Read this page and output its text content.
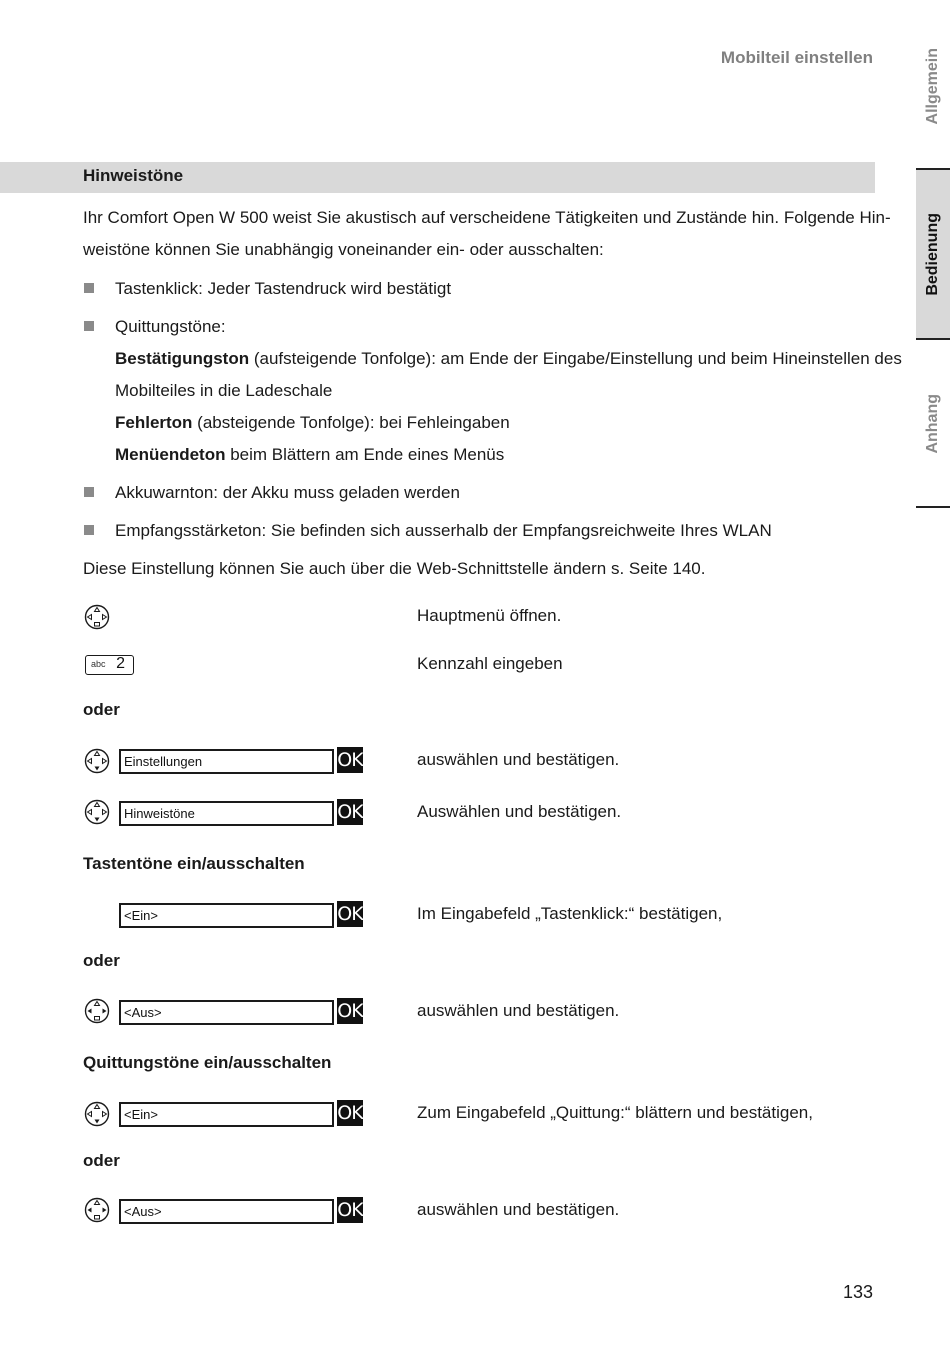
Mobilteil einstellen	Allgemein
Bedienung
Anhang
Hinweistöne
Ihr Comfort Open W 500 weist Sie akustisch auf verscheidene Tätigkeiten und Zustände hin. Folgende Hin-
weistöne können Sie unabhängig voneinander ein- oder ausschalten:
Tastenklick: Jeder Tastendruck wird bestätigt
Quittungstöne:
Bestätigungston (aufsteigende Tonfolge): am Ende der Eingabe/Einstellung und beim Hineinstellen des
Mobilteiles in die Ladeschale
Fehlerton (absteigende Tonfolge): bei Fehleingaben
Menüendeton beim Blättern am Ende eines Menüs
Akkuwarnton: der Akku muss geladen werden
Empfangsstärketon: Sie befinden sich ausserhalb der Empfangsreichweite Ihres WLAN
Diese Einstellung können Sie auch über die Web-Schnittstelle ändern s. Seite 140.
Hauptmenü öffnen.
abc 2	Kennzahl eingeben
oder
Einstellungen	OK	auswählen und bestätigen.
Hinweistöne	OK	Auswählen und bestätigen.
Tastentöne ein/ausschalten
<Ein>	OK	Im Eingabefeld „Tastenklick:“ bestätigen,
oder
<Aus>	OK	auswählen und bestätigen.
Quittungstöne ein/ausschalten
<Ein>	OK	Zum Eingabefeld „Quittung:“ blättern und bestätigen,
oder
<Aus>	OK	auswählen und bestätigen.
133
